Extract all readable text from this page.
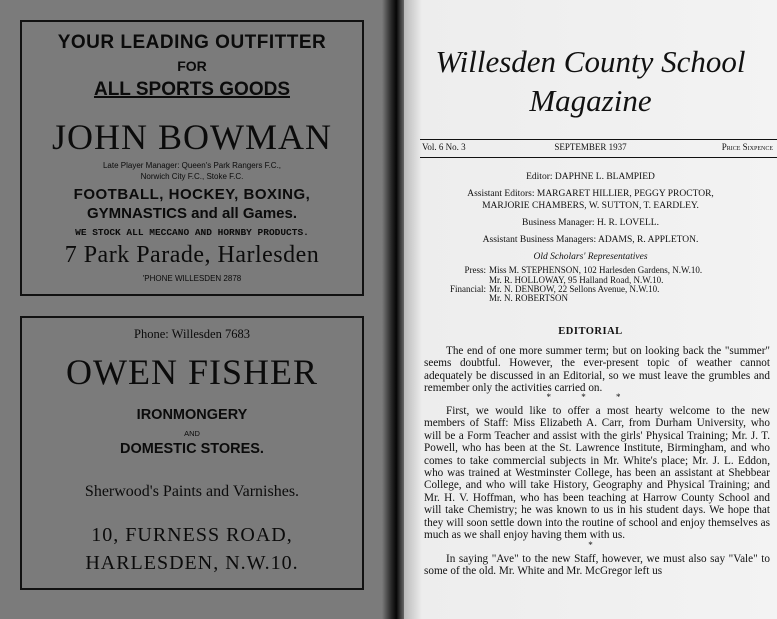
YOUR LEADING OUTFITTER
FOR
ALL SPORTS GOODS
JOHN BOWMAN
Late Player Manager: Queen's Park Rangers F.C.,
Norwich City F.C., Stoke F.C.
FOOTBALL, HOCKEY, BOXING,
GYMNASTICS and all Games.
WE STOCK ALL MECCANO AND HORNBY PRODUCTS.
7 Park Parade, Harlesden
'PHONE WILLESDEN 2878
Phone: Willesden 7683
OWEN FISHER
IRONMONGERY
AND
DOMESTIC STORES.
Sherwood's Paints and Varnishes.
10, FURNESS ROAD,
HARLESDEN, N.W.10.
Willesden County School
Magazine
Vol. 6 No. 3	SEPTEMBER 1937	Price Sixpence
Editor: DAPHNE L. BLAMPIED
Assistant Editors: MARGARET HILLIER, PEGGY PROCTOR,
MARJORIE CHAMBERS, W. SUTTON, T. EARDLEY.
Business Manager: H. R. LOVELL.
Assistant Business Managers: ADAMS, R. APPLETON.
Old Scholars' Representatives
Press: Miss M. STEPHENSON, 102 Harlesden Gardens, N.W.10.
Mr. R. HOLLOWAY, 95 Halland Road, N.W.10.
Financial: Mr. N. DENBOW, 22 Sellons Avenue, N.W.10.
Mr. N. ROBERTSON
EDITORIAL
The end of one more summer term; but on looking back the "summer" seems doubtful. However, the ever-present topic of weather cannot adequately be discussed in an Editorial, so we must leave the grumbles and remember only the activities carried on.
* * *
First, we would like to offer a most hearty welcome to the new members of Staff: Miss Elizabeth A. Carr, from Durham University, who will be a Form Teacher and assist with the girls' Physical Training; Mr. J. T. Powell, who has been at the St. Lawrence Institute, Birmingham, and who comes to take commercial subjects in Mr. White's place; Mr. J. L. Eddon, who was trained at Westminster College, has been an assistant at Shebbear College, and who will take History, Geography and Physical Training; and Mr. H. V. Hoffman, who has been teaching at Harrow County School and will take Chemistry; he was known to us in his student days. We hope that they will soon settle down into the routine of school and enjoy themselves as much as we shall enjoy having them with us.
*
In saying "Ave" to the new Staff, however, we must also say "Vale" to some of the old. Mr. White and Mr. McGregor left us
